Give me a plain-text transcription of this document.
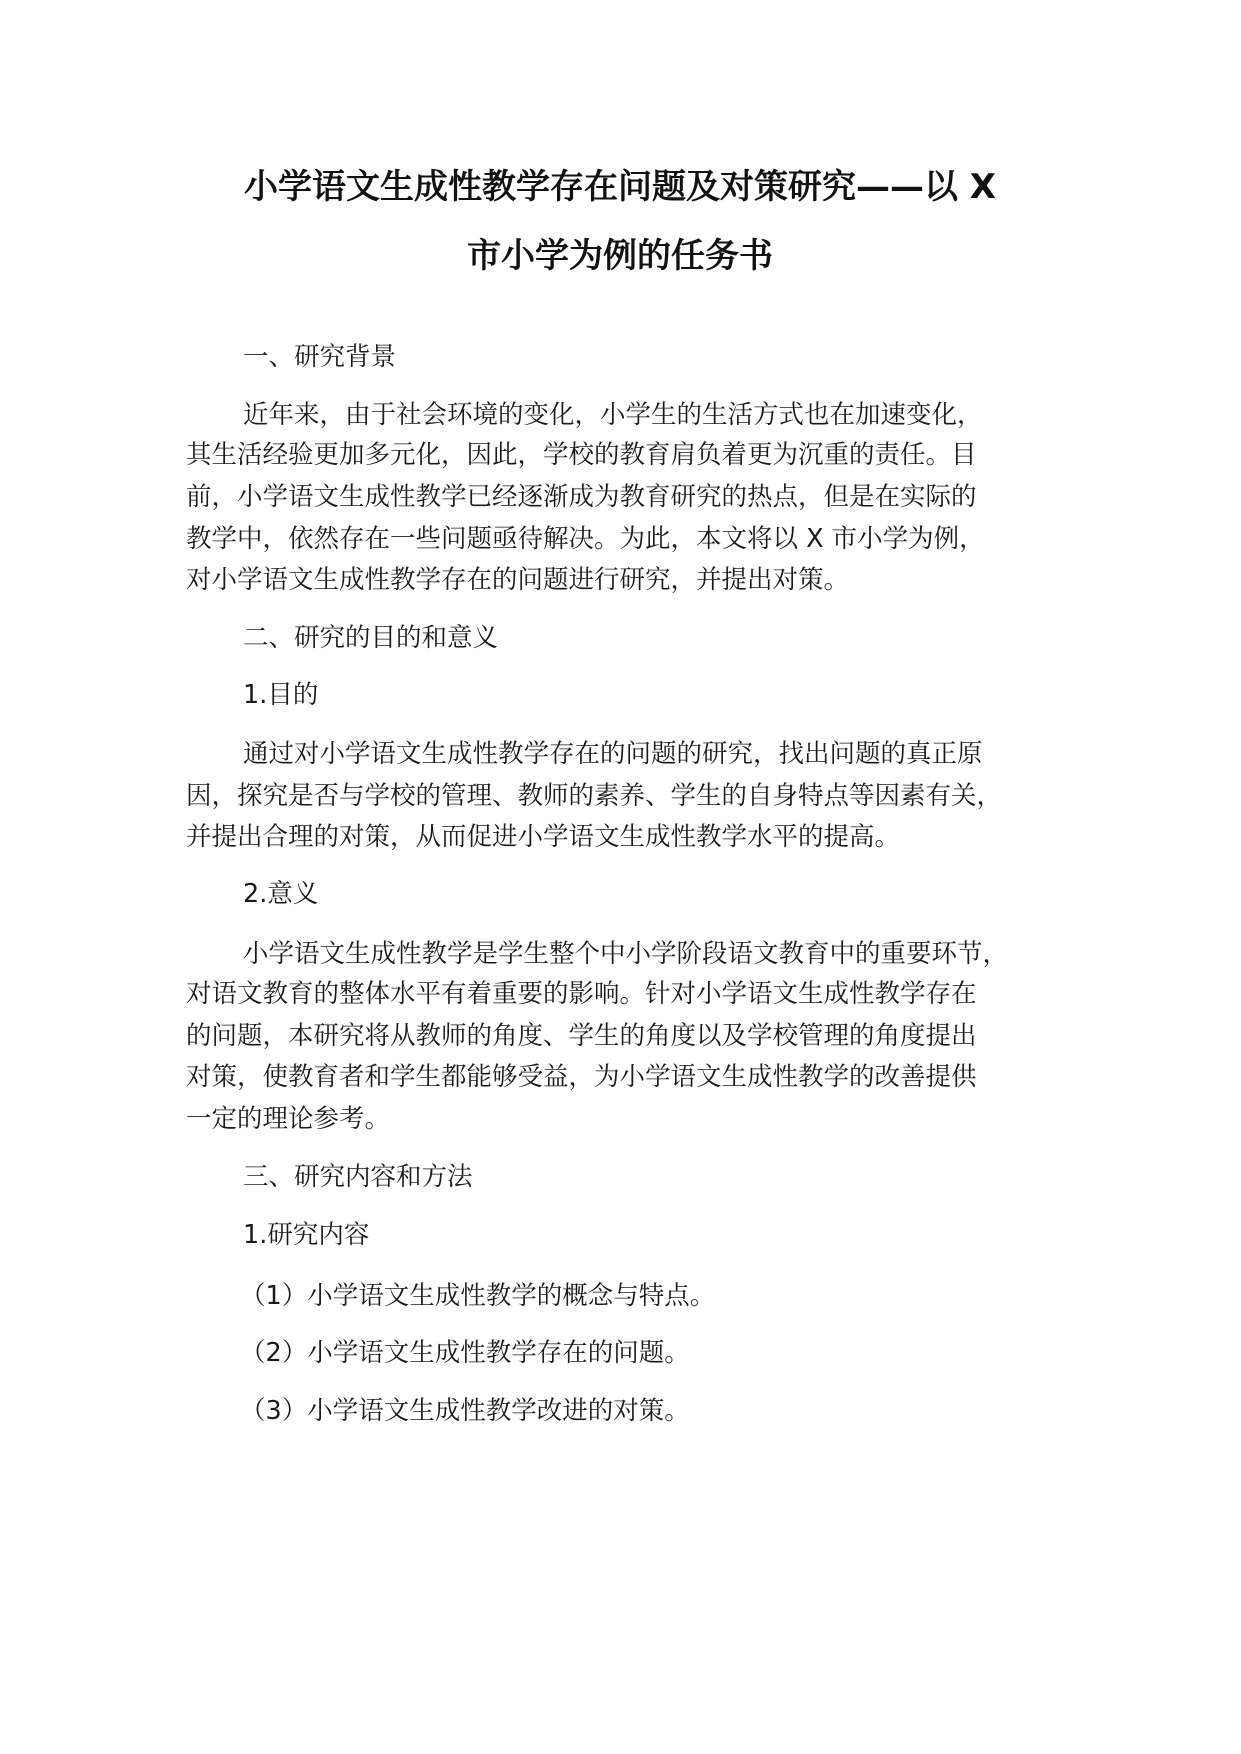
小学语文生成性教学存在问题及对策研究——以 X
市小学为例的任务书

一、研究背景

近年来，由于社会环境的变化，小学生的生活方式也在加速变化，

其生活经验更加多元化，因此，学校的教育肩负着更为沉重的责任。目

前，小学语文生成性教学已经逐渐成为教育研究的热点，但是在实际的

教学中，依然存在一些问题亟待解决。为此，本文将以 X 市小学为例，

对小学语文生成性教学存在的问题进行研究，并提出对策。

二、研究的目的和意义

1.目的

通过对小学语文生成性教学存在的问题的研究，找出问题的真正原

因，探究是否与学校的管理、教师的素养、学生的自身特点等因素有关，

并提出合理的对策，从而促进小学语文生成性教学水平的提高。

2.意义

小学语文生成性教学是学生整个中小学阶段语文教育中的重要环节，

对语文教育的整体水平有着重要的影响。针对小学语文生成性教学存在

的问题，本研究将从教师的角度、学生的角度以及学校管理的角度提出

对策，使教育者和学生都能够受益，为小学语文生成性教学的改善提供

一定的理论参考。

三、研究内容和方法

1.研究内容

（1）小学语文生成性教学的概念与特点。

（2）小学语文生成性教学存在的问题。

（3）小学语文生成性教学改进的对策。
